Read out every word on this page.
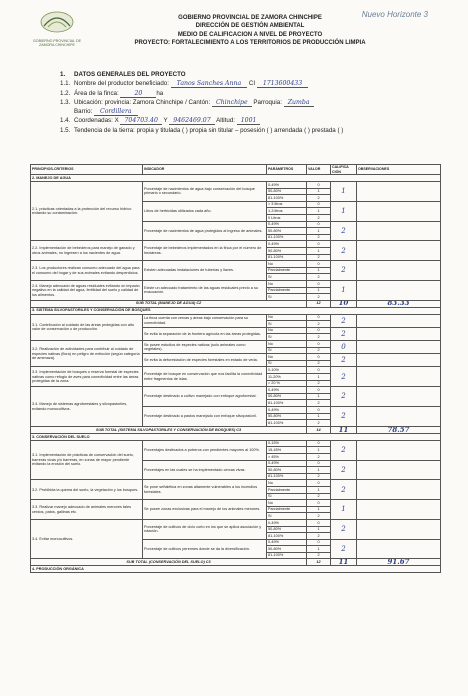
GOBIERNO PROVINCIAL DE ZAMORA CHINCHIPE
Nuevo Horizonte 3
GOBIERNO PROVINCIAL DE ZAMORA CHINCHIPE
DIRECCIÓN DE GESTIÓN AMBIENTAL
MEDIO DE CALIFICACION A NIVEL DE PROYECTO
PROYECTO: FORTALECIMIENTO A LOS TERRITORIOS DE PRODUCCIÓN LIMPIA
1. DATOS GENERALES DEL PROYECTO
1.1. Nombre del productor beneficiado: Tanos Sanches Anna CI 1713600433
1.2. Área de la finca:	20 ha
1.3. Ubicación: provincia: Zamora Chinchipe / Cantón: Chinchipe Parroquia: Zumba
Barrio: Cordillera
1.4. Coordenadas: X 704703.40 Y 9462469.07 Altitud: 1001
1.5. Tendencia de la tierra: propia y titulada ( ) propia sin titular – posesión ( ) arrendada ( ) prestada ( )
PRINCIPIOS-CRITERIOS	INDICADOR	PARÁMETROS	VALOR	CALIFICA CIÓN	OBSERVACIONES
2. MANEJO DE AGUA					
2.1. prácticas orientadas a la protección del recurso hídrico evitando su contaminación.	Porcentaje de nacimientos de agua bajo conservación del bosque primario o secundario.	0-49%	0	1	
		50-80%	1		
		81-100%	2		
	Litros de herbicidas utilizados cada año.	> 3 litros	0	1	
		1-3 litros	1		
		0 Litros	2		
	Porcentaje de nacimientos de agua protegidos al ingreso de animales.	0-49%	0	2	
		50-80%	1		
		81-100%	2		
2.2. Implementación de bebederos para manejo de ganado y otros animales, no ingresen a los nacientes de agua.	Porcentaje de bebederos implementados en la finca por el número de hectáreas.	0-49%	0	2	
		50-80%	1		
		81-100%	2		
2.3. Los productores realizan consumo adecuado del agua para el consumo del hogar y de sus animales evitando desperdicios.	Existen adecuadas instalaciones de tuberías y llaves.	No	0	2	
		Parcialmente	1		
		Sí	2		
2.4. Manejo adecuado de aguas residuales evitando un impacto negativo en la calidad del agua, fertilidad del suelo y calidad de los alimentos.	Existe un adecuado tratamiento de las aguas residuales previo a su evacuación.	No	0	1	
		Parcialmente	1		
		Sí	2		
SUB TOTAL (MANEJO DE AGUA) C2			12	10	83.33
3. SISTEMA SILVOPASTORILES Y CONSERVACIÓN DE BOSQUES					
3.1. Contribución al cuidado de las áreas protegidas con alto valor de conservación o de producción.	La finca cuenta con cercas y áreas bajo conservación para su conectividad.	No	0	2	
		Sí	2		
	Se evita la separación de la frontera agrícola en las áreas protegidas.	No	0	2	
		Sí	2		
3.2. Realización de actividades para contribuir al cuidado de especies nativas (flora) en peligro de extinción (según categoría de amenaza).	Se posee estudios de especies nativas (solo animales como vegetales).	No	0	0	
		Sí	2		
	Se evita la deforestación de especies forestales en estado de veda.	No	0	2	
		Sí	2		
3.3. Implementación de bosques o reserva forestal de especies nativas como refugio de aves para conectividad entre las áreas protegidas de la zona.	Porcentaje de bosque en conservación que nos facilita la conectividad entre fragmentos de islas.	0-10%	0	2	
		11-20%	1		
		> 20 %	2		
3.4. Manejo de sistemas agroforestales y silvopastoriles, evitando monocultivos.	Porcentaje destinado a cultivo manejado con enfoque agroforestal.	0-49%	0	2	
		50-80%	1		
		81-100%	2		
	Porcentaje destinado a pastos manejado con enfoque silvopastoril.	0-49%	0	2	
		50-80%	1		
		81-100%	2		
SUB TOTAL (SISTEMA SILVOPASTORILES Y CONSERVACIÓN DE BOSQUES) C3			14	11	78.57
3. CONSERVACIÓN DEL SUELO					
3.1. Implementación de prácticas de conservación del suelo, barreras vivas y/o barreras, en zonas de mayor pendiente evitando la erosión del suelo.	Porcentajes destinados a potreros con pendientes mayores al 100%.	0-15%	0	2	
		15-45%	1		
		> 45%	2		
	Porcentajes en las cuales se ha implementado cercas vivas.	0-49%	0	2	
		50-80%	1		
		81-100%	2		
3.2. Prohibida la quema del suelo, la vegetación y los bosques.	Se pone señalética en zonas altamente vulnerables a los incendios forestales.	No	0	2	
		Parcialmente	1		
		Sí	2		
3.3. Realizar manejo adecuado de animales menores tales cerdos, patos, gallinas etc.	Se posee zonas exclusivas para el manejo de los animales menores.	No	0	1	
		Parcialmente	1		
		Sí	2		
3.4. Evitar monocultivos.	Porcentaje de cultivos de ciclo corto en los que se aplica asociación y rotación.	0-49%	0	2	
		50-80%	1		
		81-100%	2		
	Porcentaje de cultivos perennes donde se da la diversificación.	0-49%	0	2	
		50-80%	1		
		81-100%	2		
SUB TOTAL (CONSERVACIÓN DEL SUELO) C3			12	11	91.67
4. PRODUCCIÓN ORGÁNICA					
